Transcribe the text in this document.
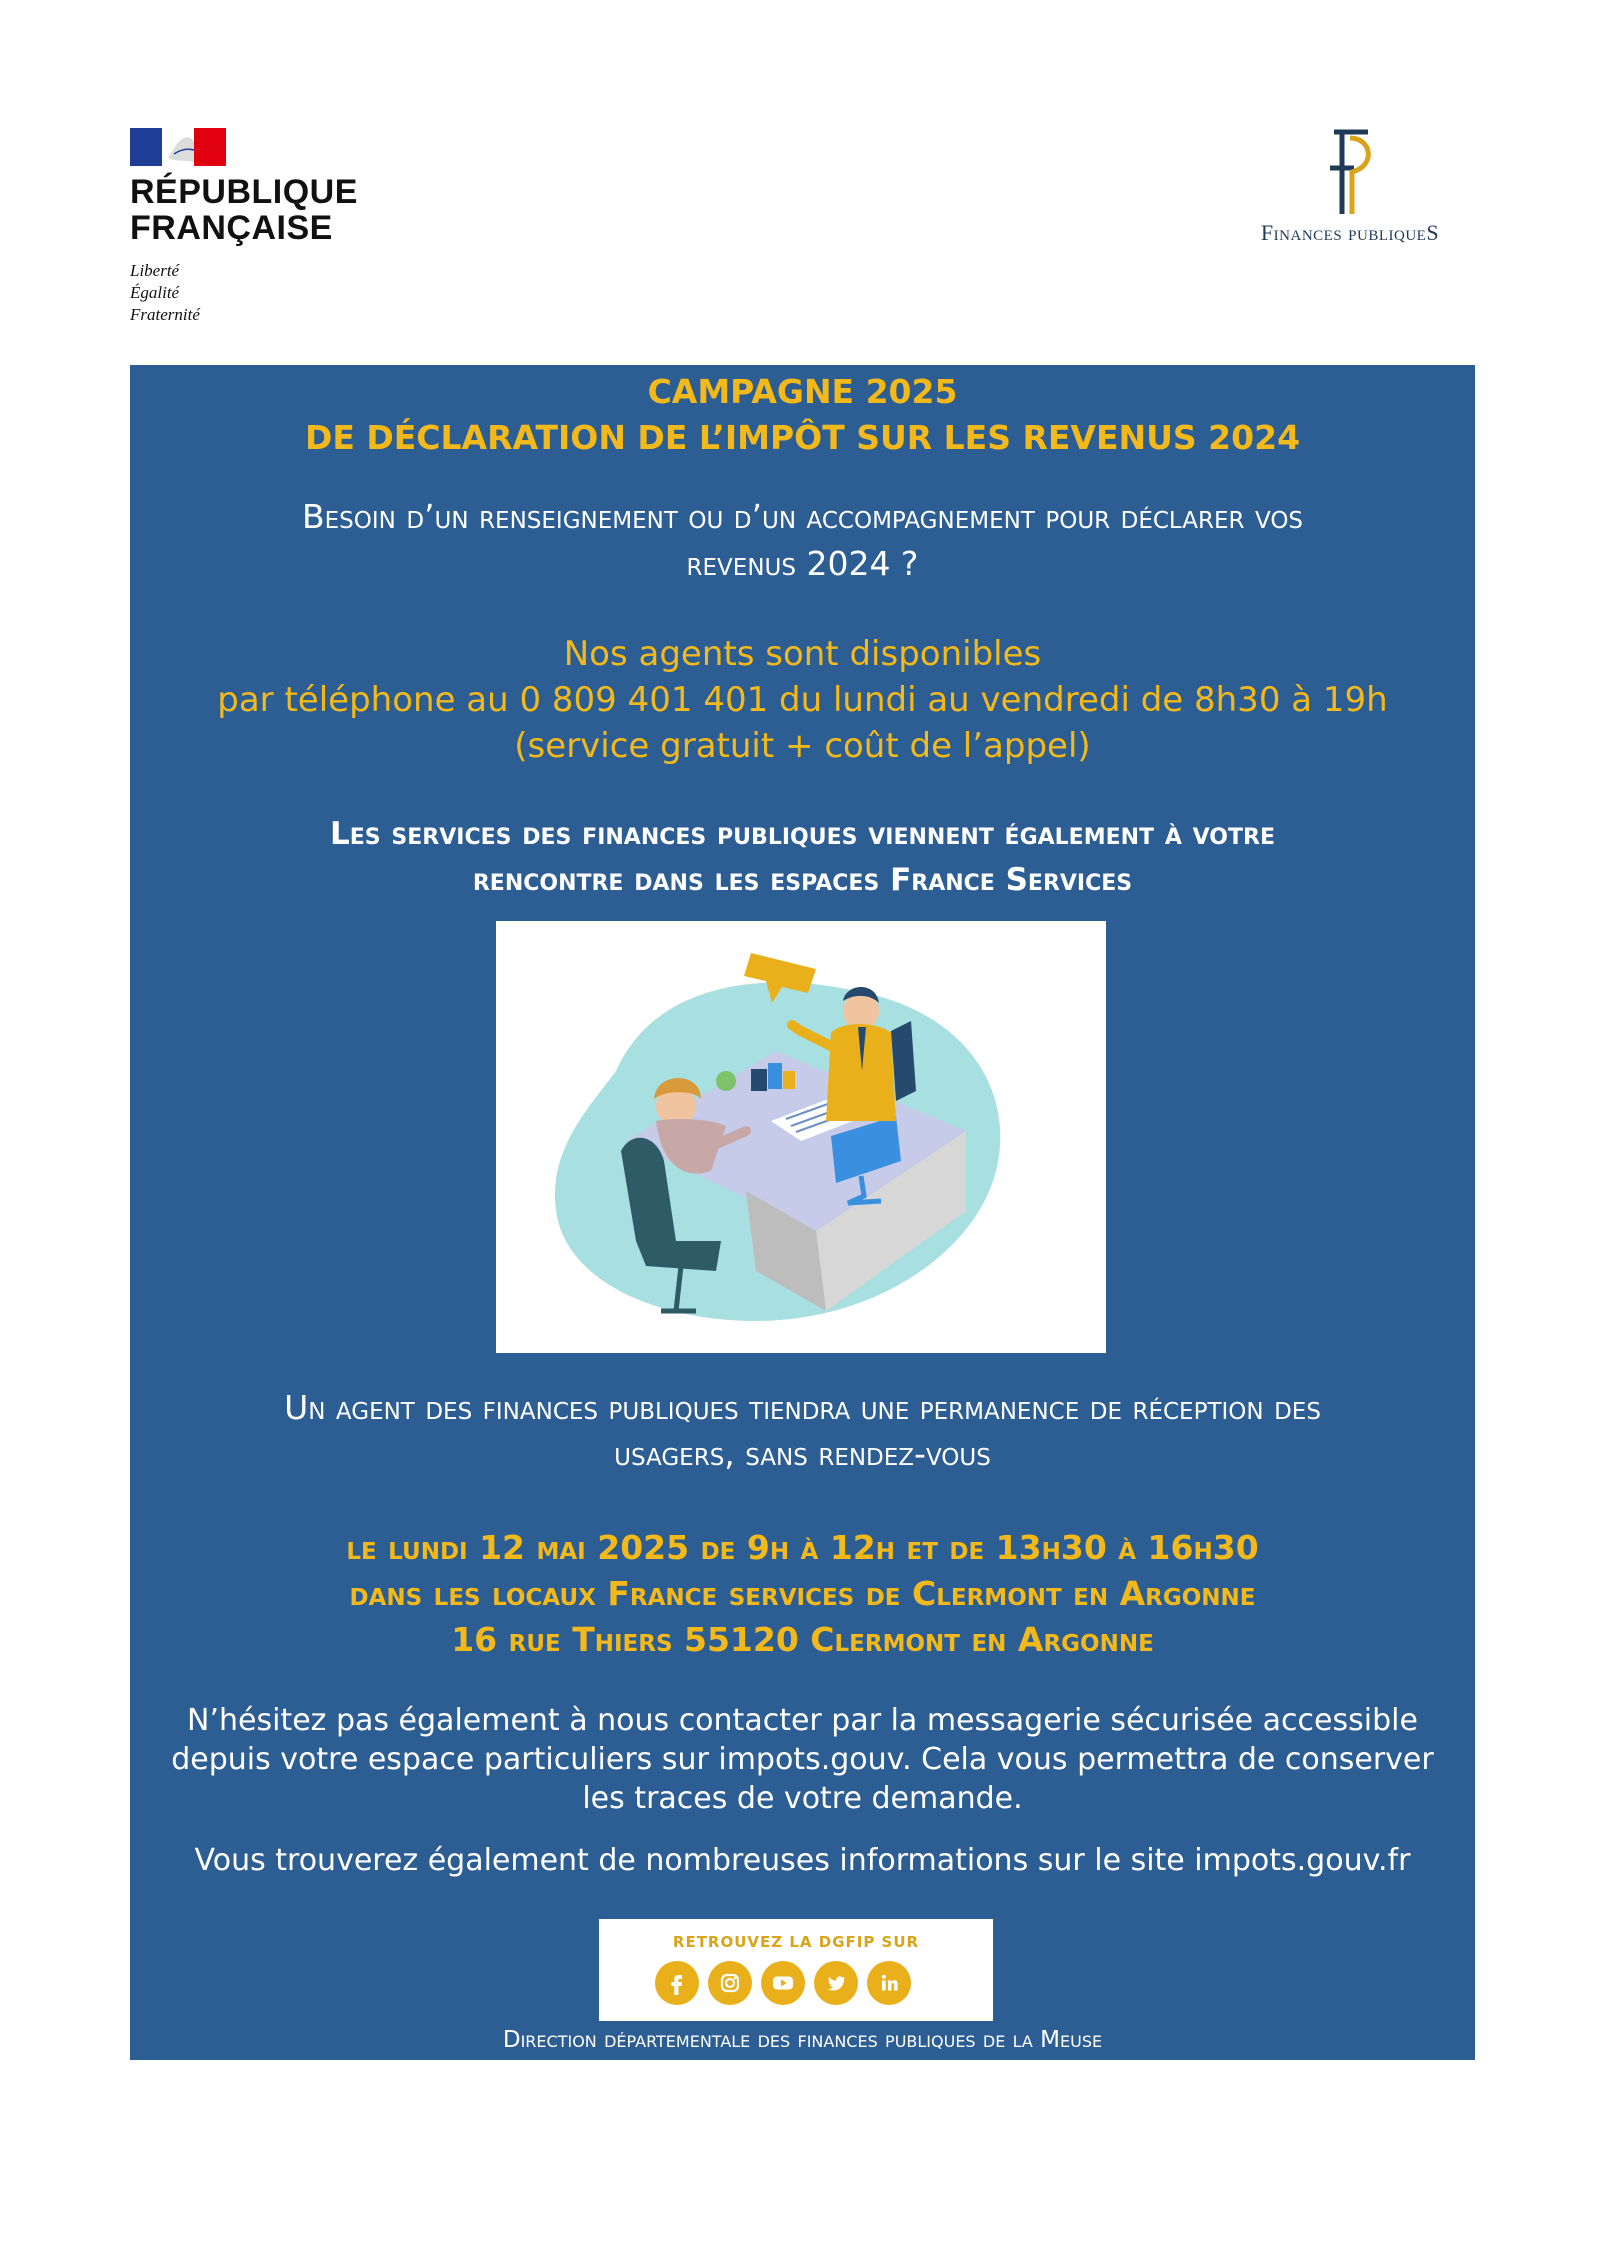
RÉPUBLIQUE
FRANÇAISE
Liberté
Égalité
Fraternité
Finances publiqueS
CAMPAGNE 2025
DE DÉCLARATION DE L’IMPÔT SUR LES REVENUS 2024
Besoin d’un renseignement ou d’un accompagnement pour déclarer vos
revenus 2024 ?
Nos agents sont disponibles
par téléphone au 0 809 401 401 du lundi au vendredi de 8h30 à 19h
(service gratuit + coût de l’appel)
Les services des finances publiques viennent également à votre
rencontre dans les espaces France Services
Un agent des finances publiques tiendra une permanence de réception des
usagers, sans rendez-vous
le lundi 12 mai 2025 de 9h à 12h et de 13h30 à 16h30
dans les locaux France services de Clermont en Argonne
16 rue Thiers 55120 Clermont en Argonne
N’hésitez pas également à nous contacter par la messagerie sécurisée accessible
depuis votre espace particuliers sur impots.gouv. Cela vous permettra de conserver
les traces de votre demande.
Vous trouverez également de nombreuses informations sur le site impots.gouv.fr
RETROUVEZ LA DGFIP SUR
Direction départementale des finances publiques de la Meuse
